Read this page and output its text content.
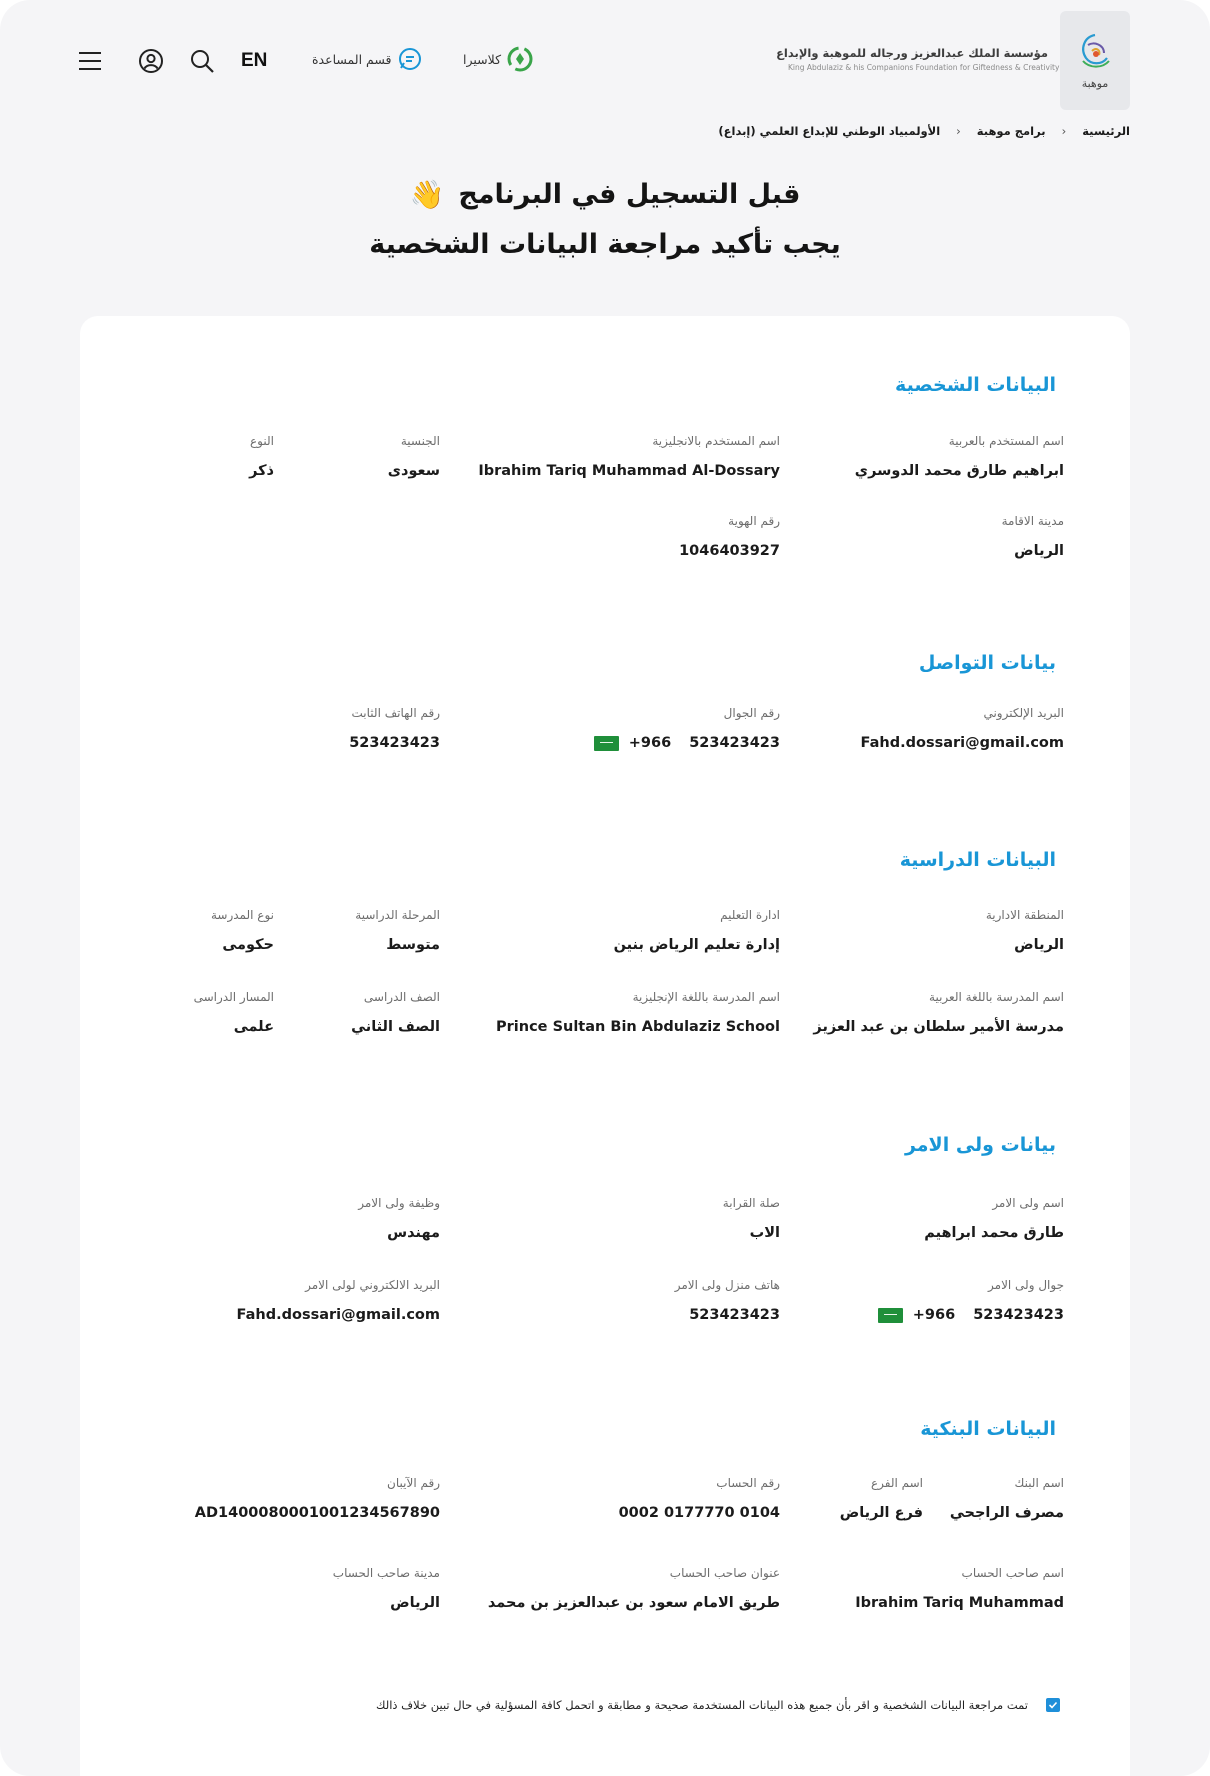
موهبة
مؤسسة الملك عبدالعزيز ورجاله للموهبة والإبداع
King Abdulaziz & his Companions Foundation for Giftedness & Creativity
كلاسيرا
قسم المساعدة
EN
الرئيسية
‹
برامج موهبة
‹
الأولمبياد الوطني للإبداع العلمي (إبداع)
قبل التسجيل في البرنامج
👋
يجب تأكيد مراجعة البيانات الشخصية
البيانات الشخصية
اسم المستخدم بالعربية
ابراهيم طارق محمد الدوسري
اسم المستخدم بالانجليزية
Ibrahim Tariq Muhammad Al-Dossary
الجنسية
سعودى
النوع
ذكر
مدينة الاقامة
الرياض
رقم الهوية
1046403927
بيانات التواصل
البريد الإلكتروني
Fahd.dossari@gmail.com
رقم الجوال
+966 523423423
رقم الهاتف الثابت
523423423
البيانات الدراسية
المنطقة الادارية
الرياض
ادارة التعليم
إدارة تعليم الرياض بنين
المرحلة الدراسية
متوسط
نوع المدرسة
حكومى
اسم المدرسة باللغة العربية
مدرسة الأمير سلطان بن عبد العزيز
اسم المدرسة باللغة الإنجليزية
Prince Sultan Bin Abdulaziz School
الصف الدراسى
الصف الثاني
المسار الدراسى
علمى
بيانات ولى الامر
اسم ولى الامر
طارق محمد ابراهيم
صلة القرابة
الاب
وظيفة ولى الامر
مهندس
جوال ولى الامر
+966 523423423
هاتف منزل ولى الامر
523423423
البريد الالكتروني لولى الامر
Fahd.dossari@gmail.com
البيانات البنكية
اسم البنك
مصرف الراجحي
اسم الفرع
فرع الرياض
رقم الحساب
0002 0177770 0104
رقم الآيبان
AD1400080001001234567890
اسم صاحب الحساب
Ibrahim Tariq Muhammad
عنوان صاحب الحساب
طريق الامام سعود بن عبدالعزيز بن محمد
مدينة صاحب الحساب
الرياض
تمت مراجعة البيانات الشخصية و اقر بأن جميع هذه البيانات المستخدمة صحيحة و مطابقة و اتحمل كافة المسؤلية في حال تبين خلاف ذالك
